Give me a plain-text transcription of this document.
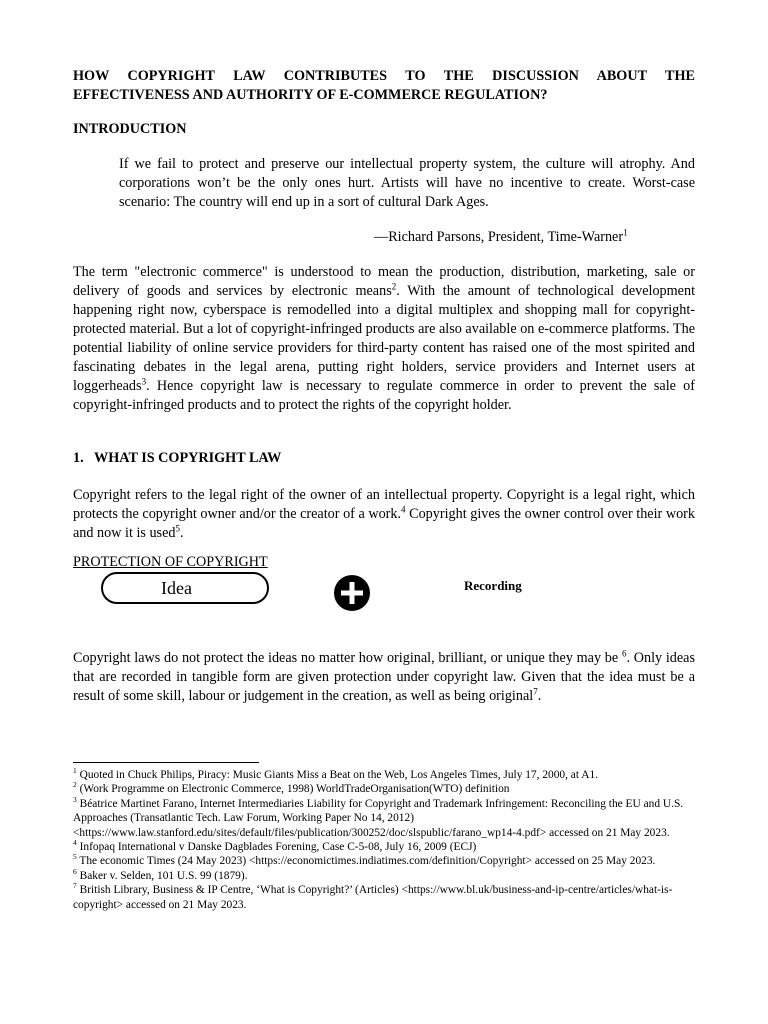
HOW COPYRIGHT LAW CONTRIBUTES TO THE DISCUSSION ABOUT THE
EFFECTIVENESS AND AUTHORITY OF E-COMMERCE REGULATION?
INTRODUCTION

If we fail to protect and preserve our intellectual property system, the culture will atrophy. And corporations won’t be the only ones hurt. Artists will have no incentive to create. Worst-case scenario: The country will end up in a sort of cultural Dark Ages.

—Richard Parsons, President, Time-Warner$^1$

The term "electronic commerce" is understood to mean the production, distribution, marketing, sale or delivery of goods and services by electronic means$^2$. With the amount of technological development happening right now, cyberspace is remodelled into a digital multiplex and shopping mall for copyright-protected material. But a lot of copyright-infringed products are also available on e-commerce platforms. The potential liability of online service providers for third-party content has raised one of the most spirited and fascinating debates in the legal arena, putting right holders, service providers and Internet users at loggerheads$^3$. Hence copyright law is necessary to regulate commerce in order to prevent the sale of copyright-infringed products and to protect the rights of the copyright holder.

1. WHAT IS COPYRIGHT LAW

Copyright refers to the legal right of the owner of an intellectual property. Copyright is a legal right, which protects the copyright owner and/or the creator of a work.$^4$ Copyright gives the owner control over their work and now it is used$^5$.

PROTECTION OF COPYRIGHT

Idea	Recording

Copyright laws do not protect the ideas no matter how original, brilliant, or unique they may be $^6$. Only ideas that are recorded in tangible form are given protection under copyright law. Given that the idea must be a result of some skill, labour or judgement in the creation, as well as being original$^7$.

$^1$ Quoted in Chuck Philips, Piracy: Music Giants Miss a Beat on the Web, Los Angeles Times, July 17, 2000, at A1.
$^2$ (Work Programme on Electronic Commerce, 1998) WorldTradeOrganisation(WTO) definition
$^3$ Béatrice Martinet Farano, Internet Intermediaries Liability for Copyright and Trademark Infringement: Reconciling the EU and U.S. Approaches (Transatlantic Tech. Law Forum, Working Paper No 14, 2012) <https://www.law.stanford.edu/sites/default/files/publication/300252/doc/slspublic/farano_wp14-4.pdf> accessed on 21 May 2023.
$^4$ Infopaq International v Danske Dagblades Forening, Case C-5-08, July 16, 2009 (ECJ)
$^5$ The economic Times (24 May 2023) <https://economictimes.indiatimes.com/definition/Copyright> accessed on 25 May 2023.
$^6$ Baker v. Selden, 101 U.S. 99 (1879).
$^7$ British Library, Business & IP Centre, ‘What is Copyright?’ (Articles) <https://www.bl.uk/business-and-ip-centre/articles/what-is-copyright> accessed on 21 May 2023.
